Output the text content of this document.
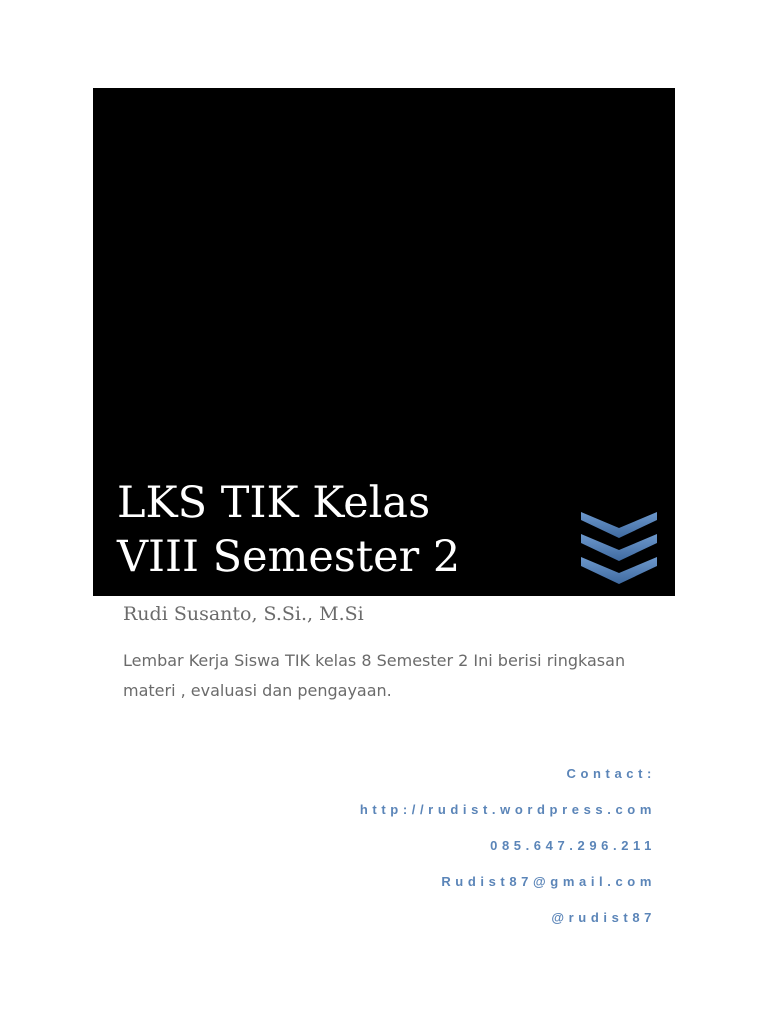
LKS TIK Kelas
VIII Semester 2

Rudi Susanto, S.Si., M.Si

Lembar Kerja Siswa TIK kelas 8 Semester 2 Ini berisi ringkasan materi , evaluasi dan pengayaan.

Contact:
http://rudist.wordpress.com
085.647.296.211
Rudist87@gmail.com
@rudist87
